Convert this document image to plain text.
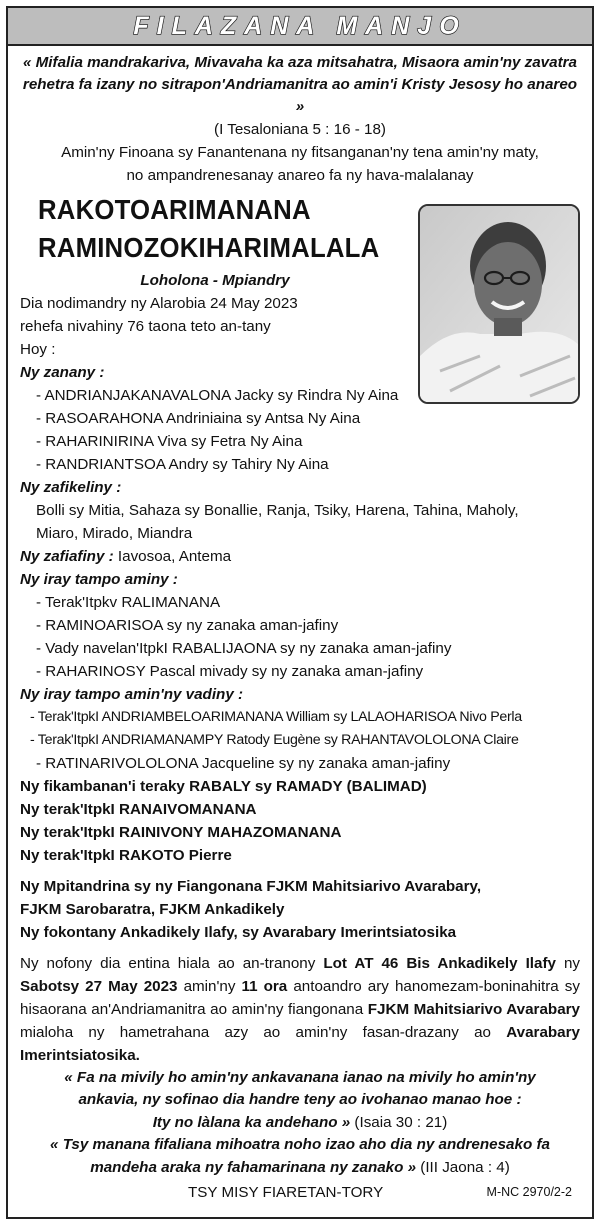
FILAZANA MANJO
« Mifalia mandrakariva, Mivavaha ka aza mitsahatra, Misaora amin'ny zavatra
rehetra fa izany no sitrapon'Andriamanitra ao amin'i Kristy Jesosy ho anareo »
(I Tesaloniana 5 : 16 - 18)
Amin'ny Finoana sy Fanantenana ny fitsanganan'ny tena amin'ny maty,
no ampandrenesanay anareo fa ny hava-malalanay
RAKOTOARIMANANA
RAMINOZOKIHARIMALALA
Loholona - Mpiandry
Dia nodimandry ny Alarobia 24 May 2023
rehefa nivahiny 76 taona teto an-tany
Hoy :
Ny zanany :
- ANDRIANJAKANAVALONA Jacky sy Rindra Ny Aina
- RASOARAHONA Andriniaina sy Antsa Ny Aina
- RAHARINIRINA Viva sy Fetra Ny Aina
- RANDRIANTSOA Andry sy Tahiry Ny Aina
Ny zafikeliny :
Bolli sy Mitia, Sahaza sy Bonallie, Ranja, Tsiky, Harena, Tahina, Maholy,
Miaro, Mirado, Miandra
Ny zafiafiny : Iavosoa, Antema
Ny iray tampo aminy :
- Terak'Itpkv RALIMANANA
- RAMINOARISOA sy ny zanaka aman-jafiny
- Vady navelan'ItpkI RABALIJAONA sy ny zanaka aman-jafiny
- RAHARINOSY Pascal mivady sy ny zanaka aman-jafiny
Ny iray tampo amin'ny vadiny :
- Terak'ItpkI ANDRIAMBELOARIMANANA William sy LALAOHARISOA Nivo Perla
- Terak'ItpkI ANDRIAMANAMPY Ratody Eugène sy RAHANTAVOLOLONA Claire
- RATINARIVOLOLONA Jacqueline sy ny zanaka aman-jafiny
Ny fikambanan'i teraky RABALY sy RAMADY (BALIMAD)
Ny terak'ItpkI RANAIVOMANANA
Ny terak'ItpkI RAINIVONY MAHAZOMANANA
Ny terak'ItpkI RAKOTO Pierre
Ny Mpitandrina sy ny Fiangonana FJKM Mahitsiarivo Avarabary,
FJKM Sarobaratra, FJKM Ankadikely
Ny fokontany Ankadikely Ilafy, sy Avarabary Imerintsiatosika
Ny nofony dia entina hiala ao an-tranony Lot AT 46 Bis Ankadikely Ilafy ny Sabotsy 27 May 2023 amin'ny 11 ora antoandro ary hanomezam-boninahitra sy hisaorana an'Andriamanitra ao amin'ny fiangonana FJKM Mahitsiarivo Avarabary mialoha ny hametrahana azy ao amin'ny fasan-drazany ao Avarabary Imerintsiatosika.
« Fa na mivily ho amin'ny ankavanana ianao na mivily ho amin'ny
ankavia, ny sofinao dia handre teny ao ivohanao manao hoe :
Ity no làlana ka andehano » (Isaia 30 : 21)
« Tsy manana fifaliana mihoatra noho izao aho dia ny andrenesako fa
mandeha araka ny fahamarinana ny zanako » (III Jaona : 4)
TSY MISY FIARETAN-TORY	M-NC 2970/2-2
